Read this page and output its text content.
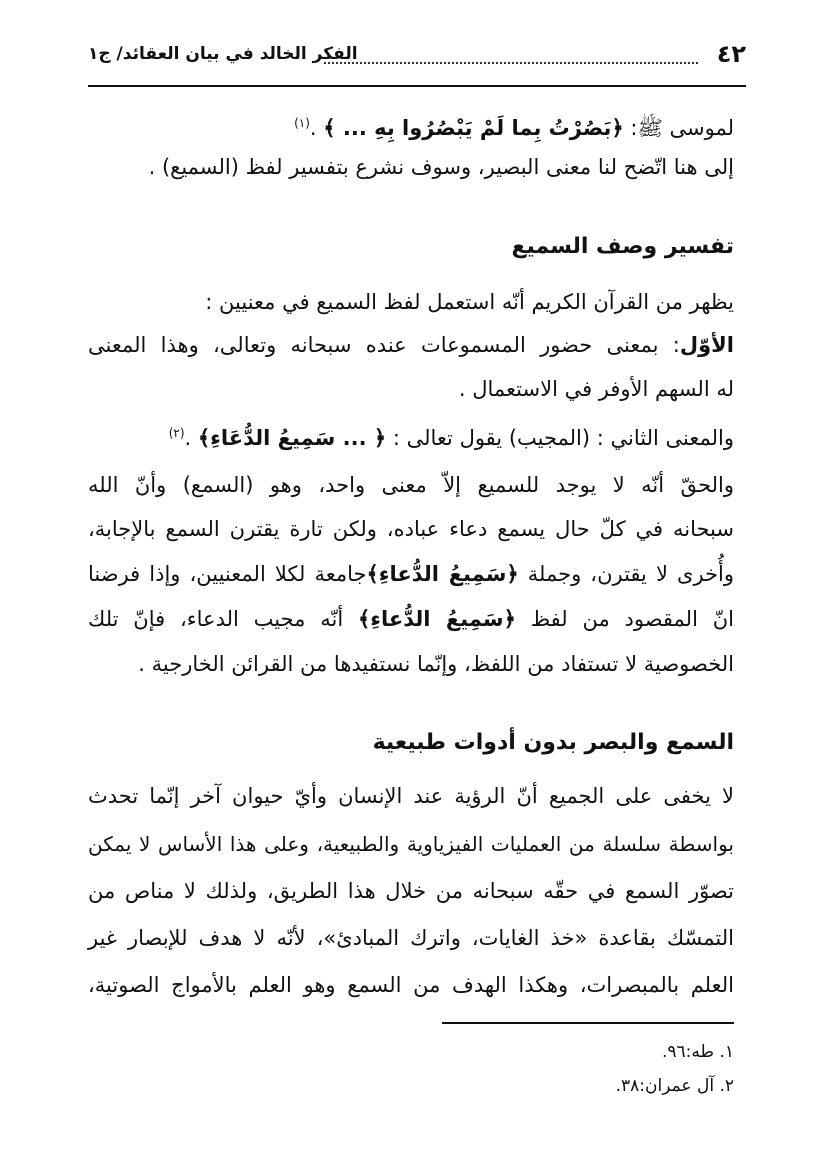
٤٢
الفكر الخالد في بيان العقائد/ ج١
لموسى ﷺ: ﴿بَصُرْتُ بِما لَمْ يَبْصُرُوا بِهِ ... ﴾ .$^{(١)}$
إلى هنا اتّضح لنا معنى البصير، وسوف نشرع بتفسير لفظ (السميع) .
تفسير وصف السميع
يظهر من القرآن الكريم أنّه استعمل لفظ السميع في معنيين :
الأوّل: بمعنى حضور المسموعات عنده سبحانه وتعالى، وهذا المعنى
له السهم الأوفر في الاستعمال .
والمعنى الثاني : (المجيب) يقول تعالى : ﴿ ... سَمِيعُ الدُّعَاءِ﴾ .$^{(٢)}$
والحقّ أنّه لا يوجد للسميع إلاّ معنى واحد، وهو (السمع) وأنّ الله
سبحانه في كلّ حال يسمع دعاء عباده، ولكن تارة يقترن السمع بالإجابة،
وأُخرى لا يقترن، وجملة ﴿سَمِيعُ الدُّعاءِ﴾جامعة لكلا المعنيين، وإذا فرضنا
انّ المقصود من لفظ ﴿سَمِيعُ الدُّعاءِ﴾ أنّه مجيب الدعاء، فإنّ تلك
الخصوصية لا تستفاد من اللفظ، وإنّما نستفيدها من القرائن الخارجية .
السمع والبصر بدون أدوات طبيعية
لا يخفى على الجميع أنّ الرؤية عند الإنسان وأيّ حيوان آخر إنّما تحدث
بواسطة سلسلة من العمليات الفيزياوية والطبيعية، وعلى هذا الأساس لا يمكن
تصوّر السمع في حقّه سبحانه من خلال هذا الطريق، ولذلك لا مناص من
التمسّك بقاعدة «خذ الغايات، واترك المبادئ»، لأنّه لا هدف للإبصار غير
العلم بالمبصرات، وهكذا الهدف من السمع وهو العلم بالأمواج الصوتية،
١. طه:٩٦.
٢. آل عمران:٣٨.
